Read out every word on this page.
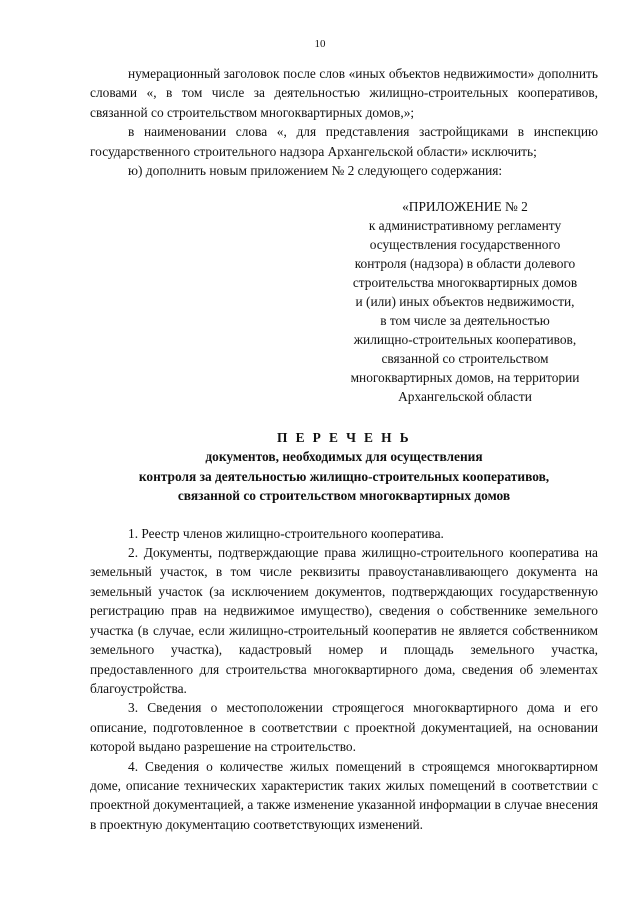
10

нумерационный заголовок после слов «иных объектов недвижимости» дополнить словами «, в том числе за деятельностью жилищно-строительных кооперативов, связанной со строительством многоквартирных домов,»;

в наименовании слова «, для представления застройщиками в инспекцию государственного строительного надзора Архангельской области» исключить;

ю) дополнить новым приложением № 2 следующего содержания:

«ПРИЛОЖЕНИЕ № 2
к административному регламенту
осуществления государственного
контроля (надзора) в области долевого
строительства многоквартирных домов
и (или) иных объектов недвижимости,
в том числе за деятельностью
жилищно-строительных кооперативов,
связанной со строительством
многоквартирных домов, на территории
Архангельской области
П Е Р Е Ч Е Н Ь
документов, необходимых для осуществления
контроля за деятельностью жилищно-строительных кооперативов,
связанной со строительством многоквартирных домов

1. Реестр членов жилищно-строительного кооператива.

2. Документы, подтверждающие права жилищно-строительного кооператива на земельный участок, в том числе реквизиты правоустанавливающего документа на земельный участок (за исключением документов, подтверждающих государственную регистрацию прав на недвижимое имущество), сведения о собственнике земельного участка (в случае, если жилищно-строительный кооператив не является собственником земельного участка), кадастровый номер и площадь земельного участка, предоставленного для строительства многоквартирного дома, сведения об элементах благоустройства.

3. Сведения о местоположении строящегося многоквартирного дома и его описание, подготовленное в соответствии с проектной документацией, на основании которой выдано разрешение на строительство.

4. Сведения о количестве жилых помещений в строящемся многоквартирном доме, описание технических характеристик таких жилых помещений в соответствии с проектной документацией, а также изменение указанной информации в случае внесения в проектную документацию соответствующих изменений.
